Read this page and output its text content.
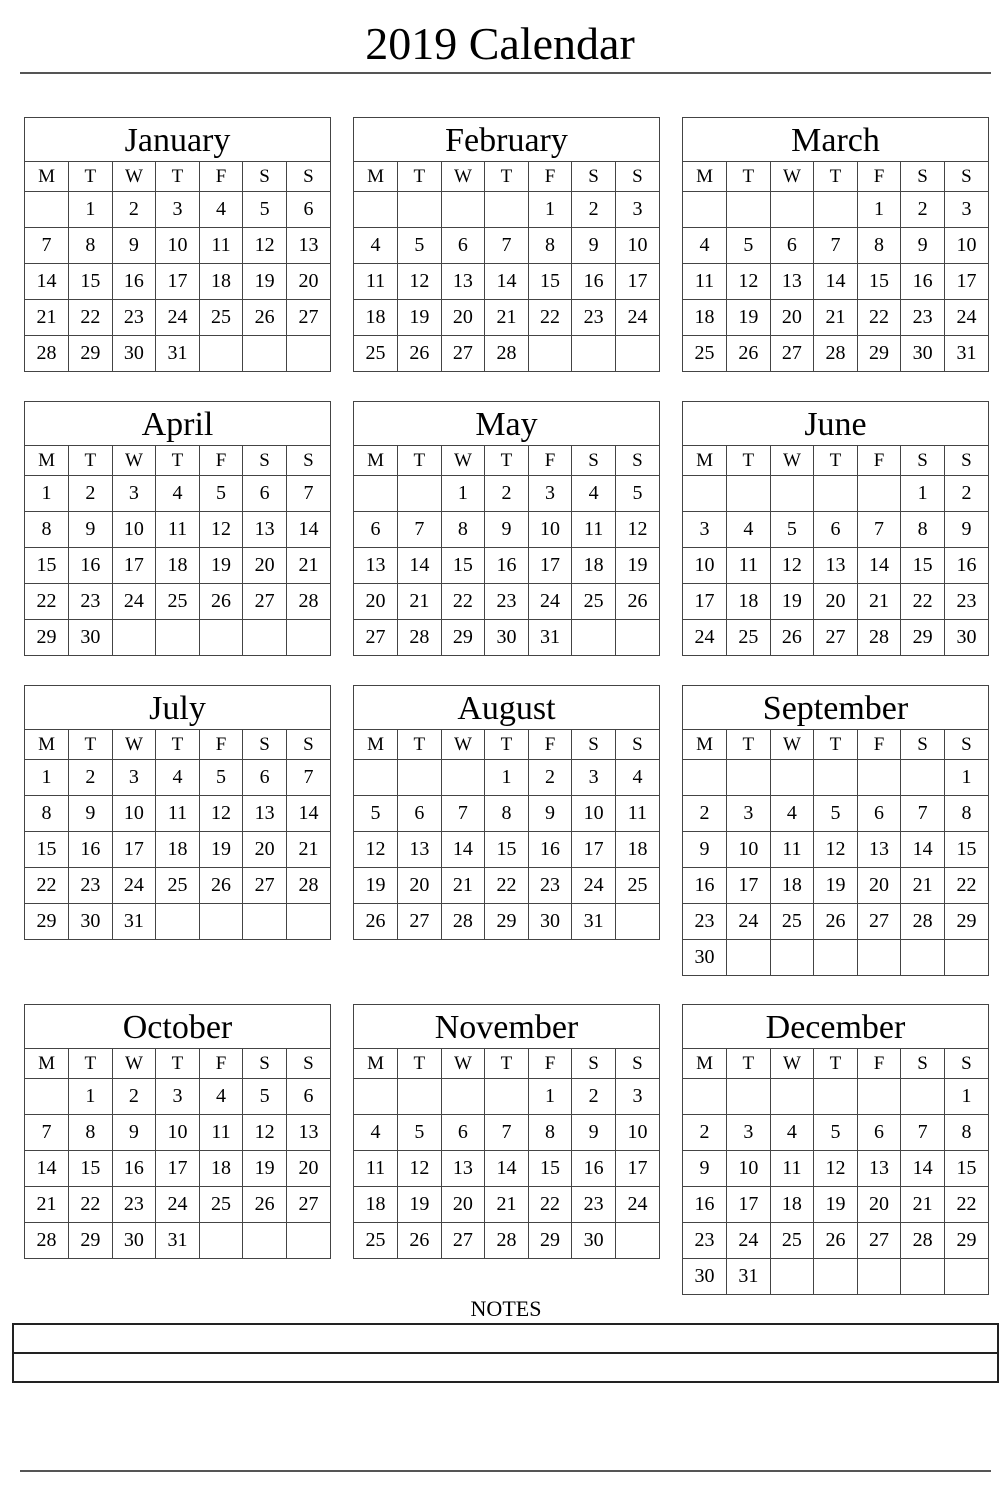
2019 Calendar
January
M	T	W	T	F	S	S
	1	2	3	4	5	6
7	8	9	10	11	12	13
14	15	16	17	18	19	20
21	22	23	24	25	26	27
28	29	30	31			
February
M	T	W	T	F	S	S
				1	2	3
4	5	6	7	8	9	10
11	12	13	14	15	16	17
18	19	20	21	22	23	24
25	26	27	28			
March
M	T	W	T	F	S	S
				1	2	3
4	5	6	7	8	9	10
11	12	13	14	15	16	17
18	19	20	21	22	23	24
25	26	27	28	29	30	31
April
M	T	W	T	F	S	S
1	2	3	4	5	6	7
8	9	10	11	12	13	14
15	16	17	18	19	20	21
22	23	24	25	26	27	28
29	30					
May
M	T	W	T	F	S	S
		1	2	3	4	5
6	7	8	9	10	11	12
13	14	15	16	17	18	19
20	21	22	23	24	25	26
27	28	29	30	31		
June
M	T	W	T	F	S	S
					1	2
3	4	5	6	7	8	9
10	11	12	13	14	15	16
17	18	19	20	21	22	23
24	25	26	27	28	29	30
July
M	T	W	T	F	S	S
1	2	3	4	5	6	7
8	9	10	11	12	13	14
15	16	17	18	19	20	21
22	23	24	25	26	27	28
29	30	31				
August
M	T	W	T	F	S	S
			1	2	3	4
5	6	7	8	9	10	11
12	13	14	15	16	17	18
19	20	21	22	23	24	25
26	27	28	29	30	31	
September
M	T	W	T	F	S	S
						1
2	3	4	5	6	7	8
9	10	11	12	13	14	15
16	17	18	19	20	21	22
23	24	25	26	27	28	29
30						
October
M	T	W	T	F	S	S
	1	2	3	4	5	6
7	8	9	10	11	12	13
14	15	16	17	18	19	20
21	22	23	24	25	26	27
28	29	30	31			
November
M	T	W	T	F	S	S
				1	2	3
4	5	6	7	8	9	10
11	12	13	14	15	16	17
18	19	20	21	22	23	24
25	26	27	28	29	30	
December
M	T	W	T	F	S	S
						1
2	3	4	5	6	7	8
9	10	11	12	13	14	15
16	17	18	19	20	21	22
23	24	25	26	27	28	29
30	31					
NOTES
